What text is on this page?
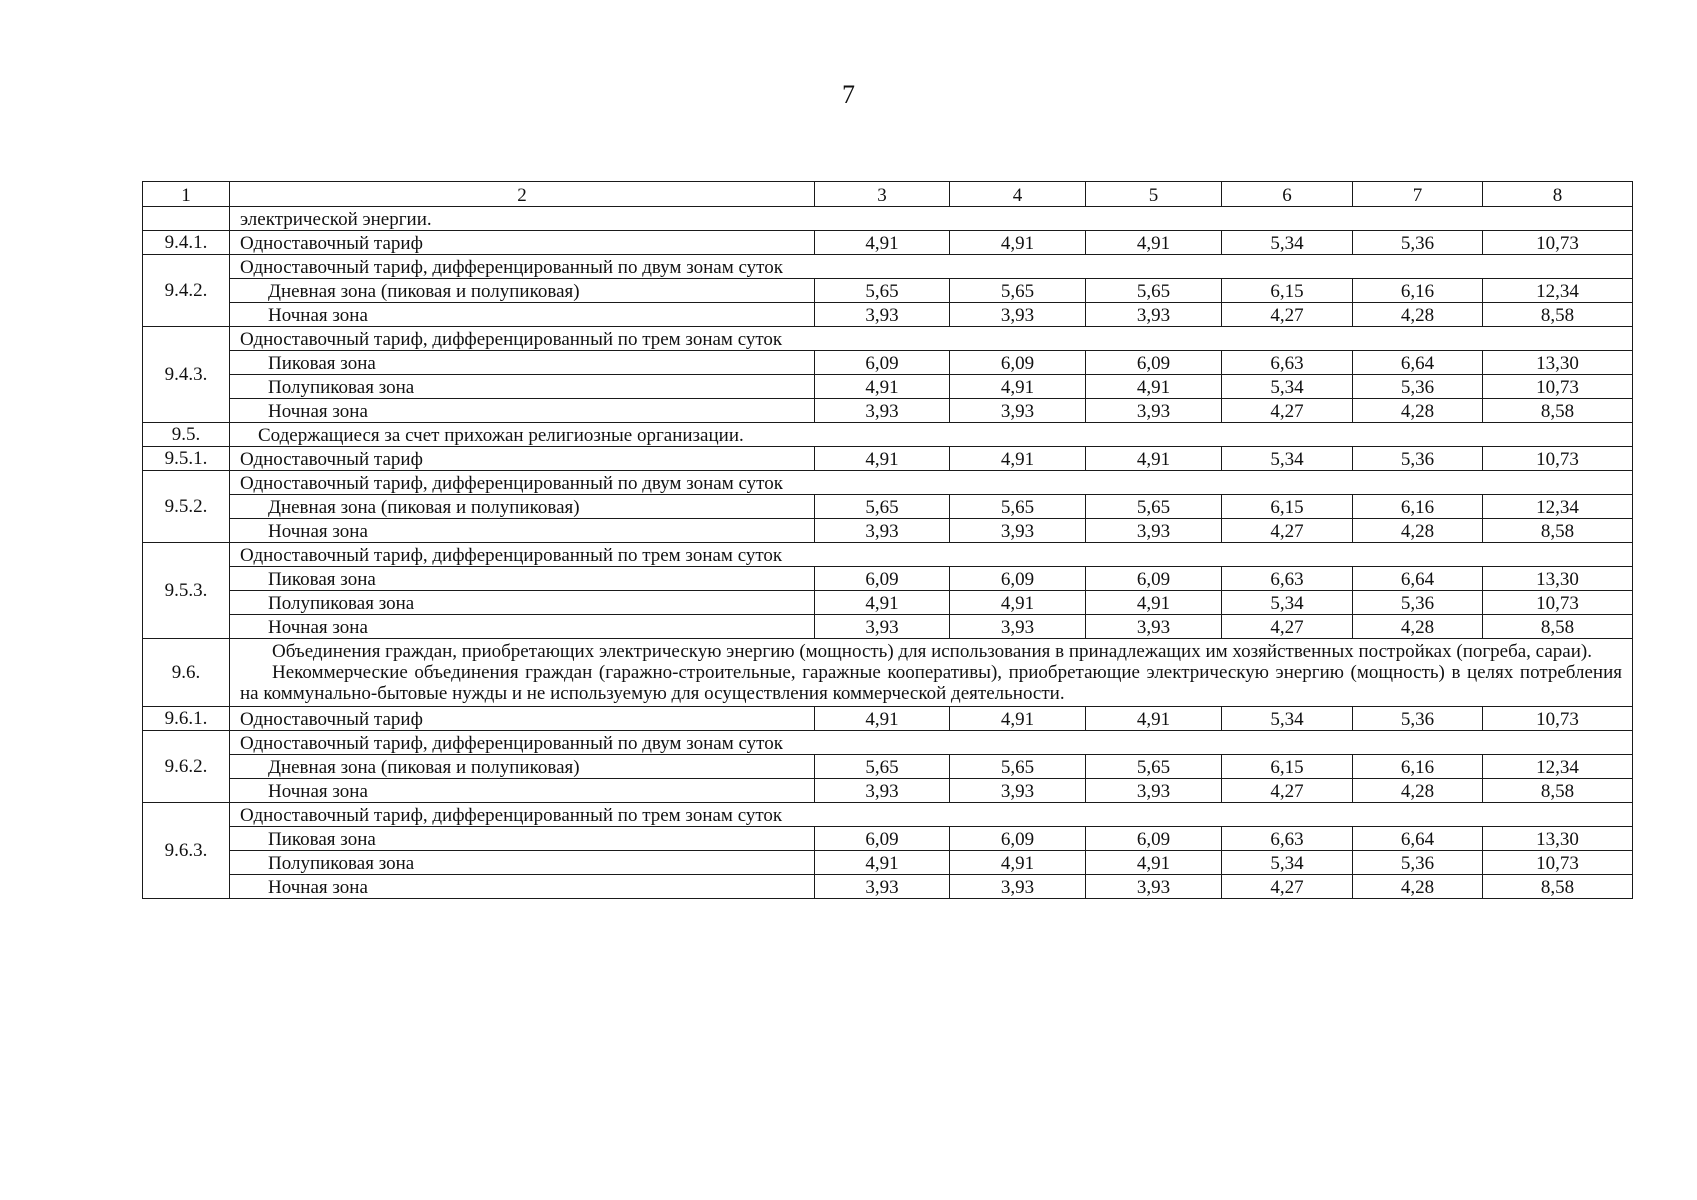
7
1	2	3	4	5	6	7	8
	электрической энергии.						
9.4.1.	Одноставочный тариф	4,91	4,91	4,91	5,34	5,36	10,73
9.4.2.	Одноставочный тариф, дифференцированный по двум зонам суток						
	Дневная зона (пиковая и полупиковая)	5,65	5,65	5,65	6,15	6,16	12,34
	Ночная зона	3,93	3,93	3,93	4,27	4,28	8,58
9.4.3.	Одноставочный тариф, дифференцированный по трем зонам суток						
	Пиковая зона	6,09	6,09	6,09	6,63	6,64	13,30
	Полупиковая зона	4,91	4,91	4,91	5,34	5,36	10,73
	Ночная зона	3,93	3,93	3,93	4,27	4,28	8,58
9.5.	Содержащиеся за счет прихожан религиозные организации.						
9.5.1.	Одноставочный тариф	4,91	4,91	4,91	5,34	5,36	10,73
9.5.2.	Одноставочный тариф, дифференцированный по двум зонам суток						
	Дневная зона (пиковая и полупиковая)	5,65	5,65	5,65	6,15	6,16	12,34
	Ночная зона	3,93	3,93	3,93	4,27	4,28	8,58
9.5.3.	Одноставочный тариф, дифференцированный по трем зонам суток						
	Пиковая зона	6,09	6,09	6,09	6,63	6,64	13,30
	Полупиковая зона	4,91	4,91	4,91	5,34	5,36	10,73
	Ночная зона	3,93	3,93	3,93	4,27	4,28	8,58
9.6.	Объединения граждан, приобретающих электрическую энергию (мощность) для использования в принадлежащих им хозяйственных постройках (погреба, сараи).

Некоммерческие объединения граждан (гаражно-строительные, гаражные кооперативы), приобретающие электрическую энергию (мощность) в целях потребления на коммунально-бытовые нужды и не используемую для осуществления коммерческой деятельности.						

9.6.1.	Одноставочный тариф	4,91	4,91	4,91	5,34	5,36	10,73
9.6.2.	Одноставочный тариф, дифференцированный по двум зонам суток						
	Дневная зона (пиковая и полупиковая)	5,65	5,65	5,65	6,15	6,16	12,34
	Ночная зона	3,93	3,93	3,93	4,27	4,28	8,58
9.6.3.	Одноставочный тариф, дифференцированный по трем зонам суток						
	Пиковая зона	6,09	6,09	6,09	6,63	6,64	13,30
	Полупиковая зона	4,91	4,91	4,91	5,34	5,36	10,73
	Ночная зона	3,93	3,93	3,93	4,27	4,28	8,58
